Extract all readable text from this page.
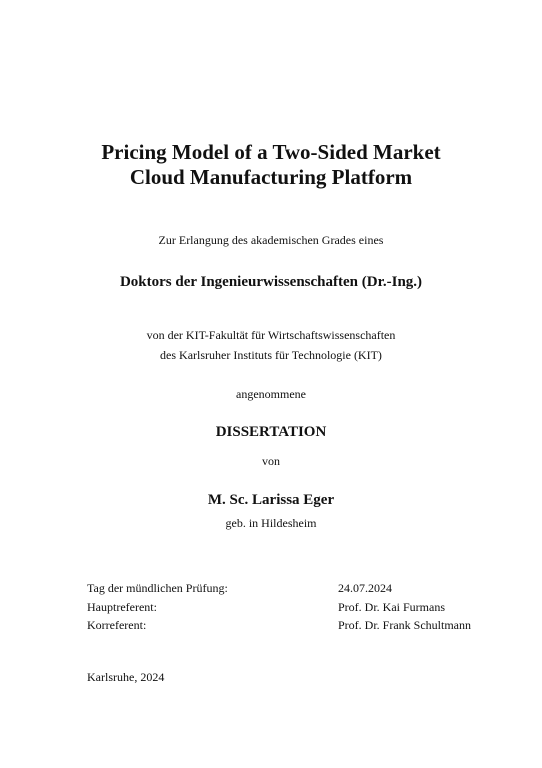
Pricing Model of a Two-Sided Market
Cloud Manufacturing Platform
Zur Erlangung des akademischen Grades eines
Doktors der Ingenieurwissenschaften (Dr.-Ing.)
von der KIT-Fakultät für Wirtschaftswissenschaften
des Karlsruher Instituts für Technologie (KIT)
angenommene
DISSERTATION
von
M. Sc. Larissa Eger
geb. in Hildesheim
Tag der mündlichen Prüfung:	24.07.2024
Hauptreferent:	Prof. Dr. Kai Furmans
Korreferent:	Prof. Dr. Frank Schultmann
Karlsruhe, 2024
